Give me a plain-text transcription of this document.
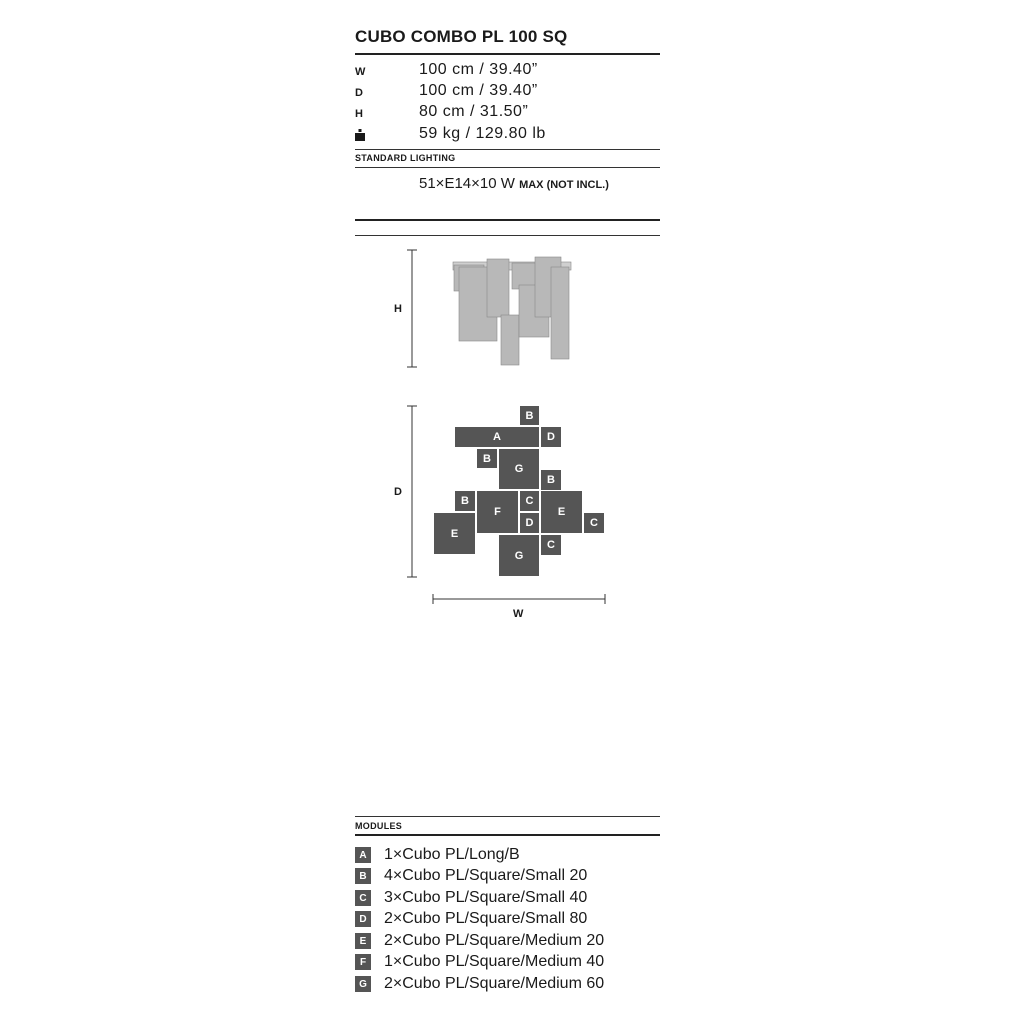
CUBO COMBO PL 100 SQ
W	100 cm / 39.40”
D	100 cm / 39.40”
H	80 cm / 31.50”
59 kg / 129.80 lb
STANDARD LIGHTING
51×E14×10 W MAX (NOT INCL.)
H
D
W
B
A	D
B
G
B
B
F
C
E
C
D
E
C
G
MODULES
A 1×Cubo PL/Long/B
B 4×Cubo PL/Square/Small 20
C 3×Cubo PL/Square/Small 40
D 2×Cubo PL/Square/Small 80
E 2×Cubo PL/Square/Medium 20
F	1×Cubo PL/Square/Medium 40
G 2×Cubo PL/Square/Medium 60
